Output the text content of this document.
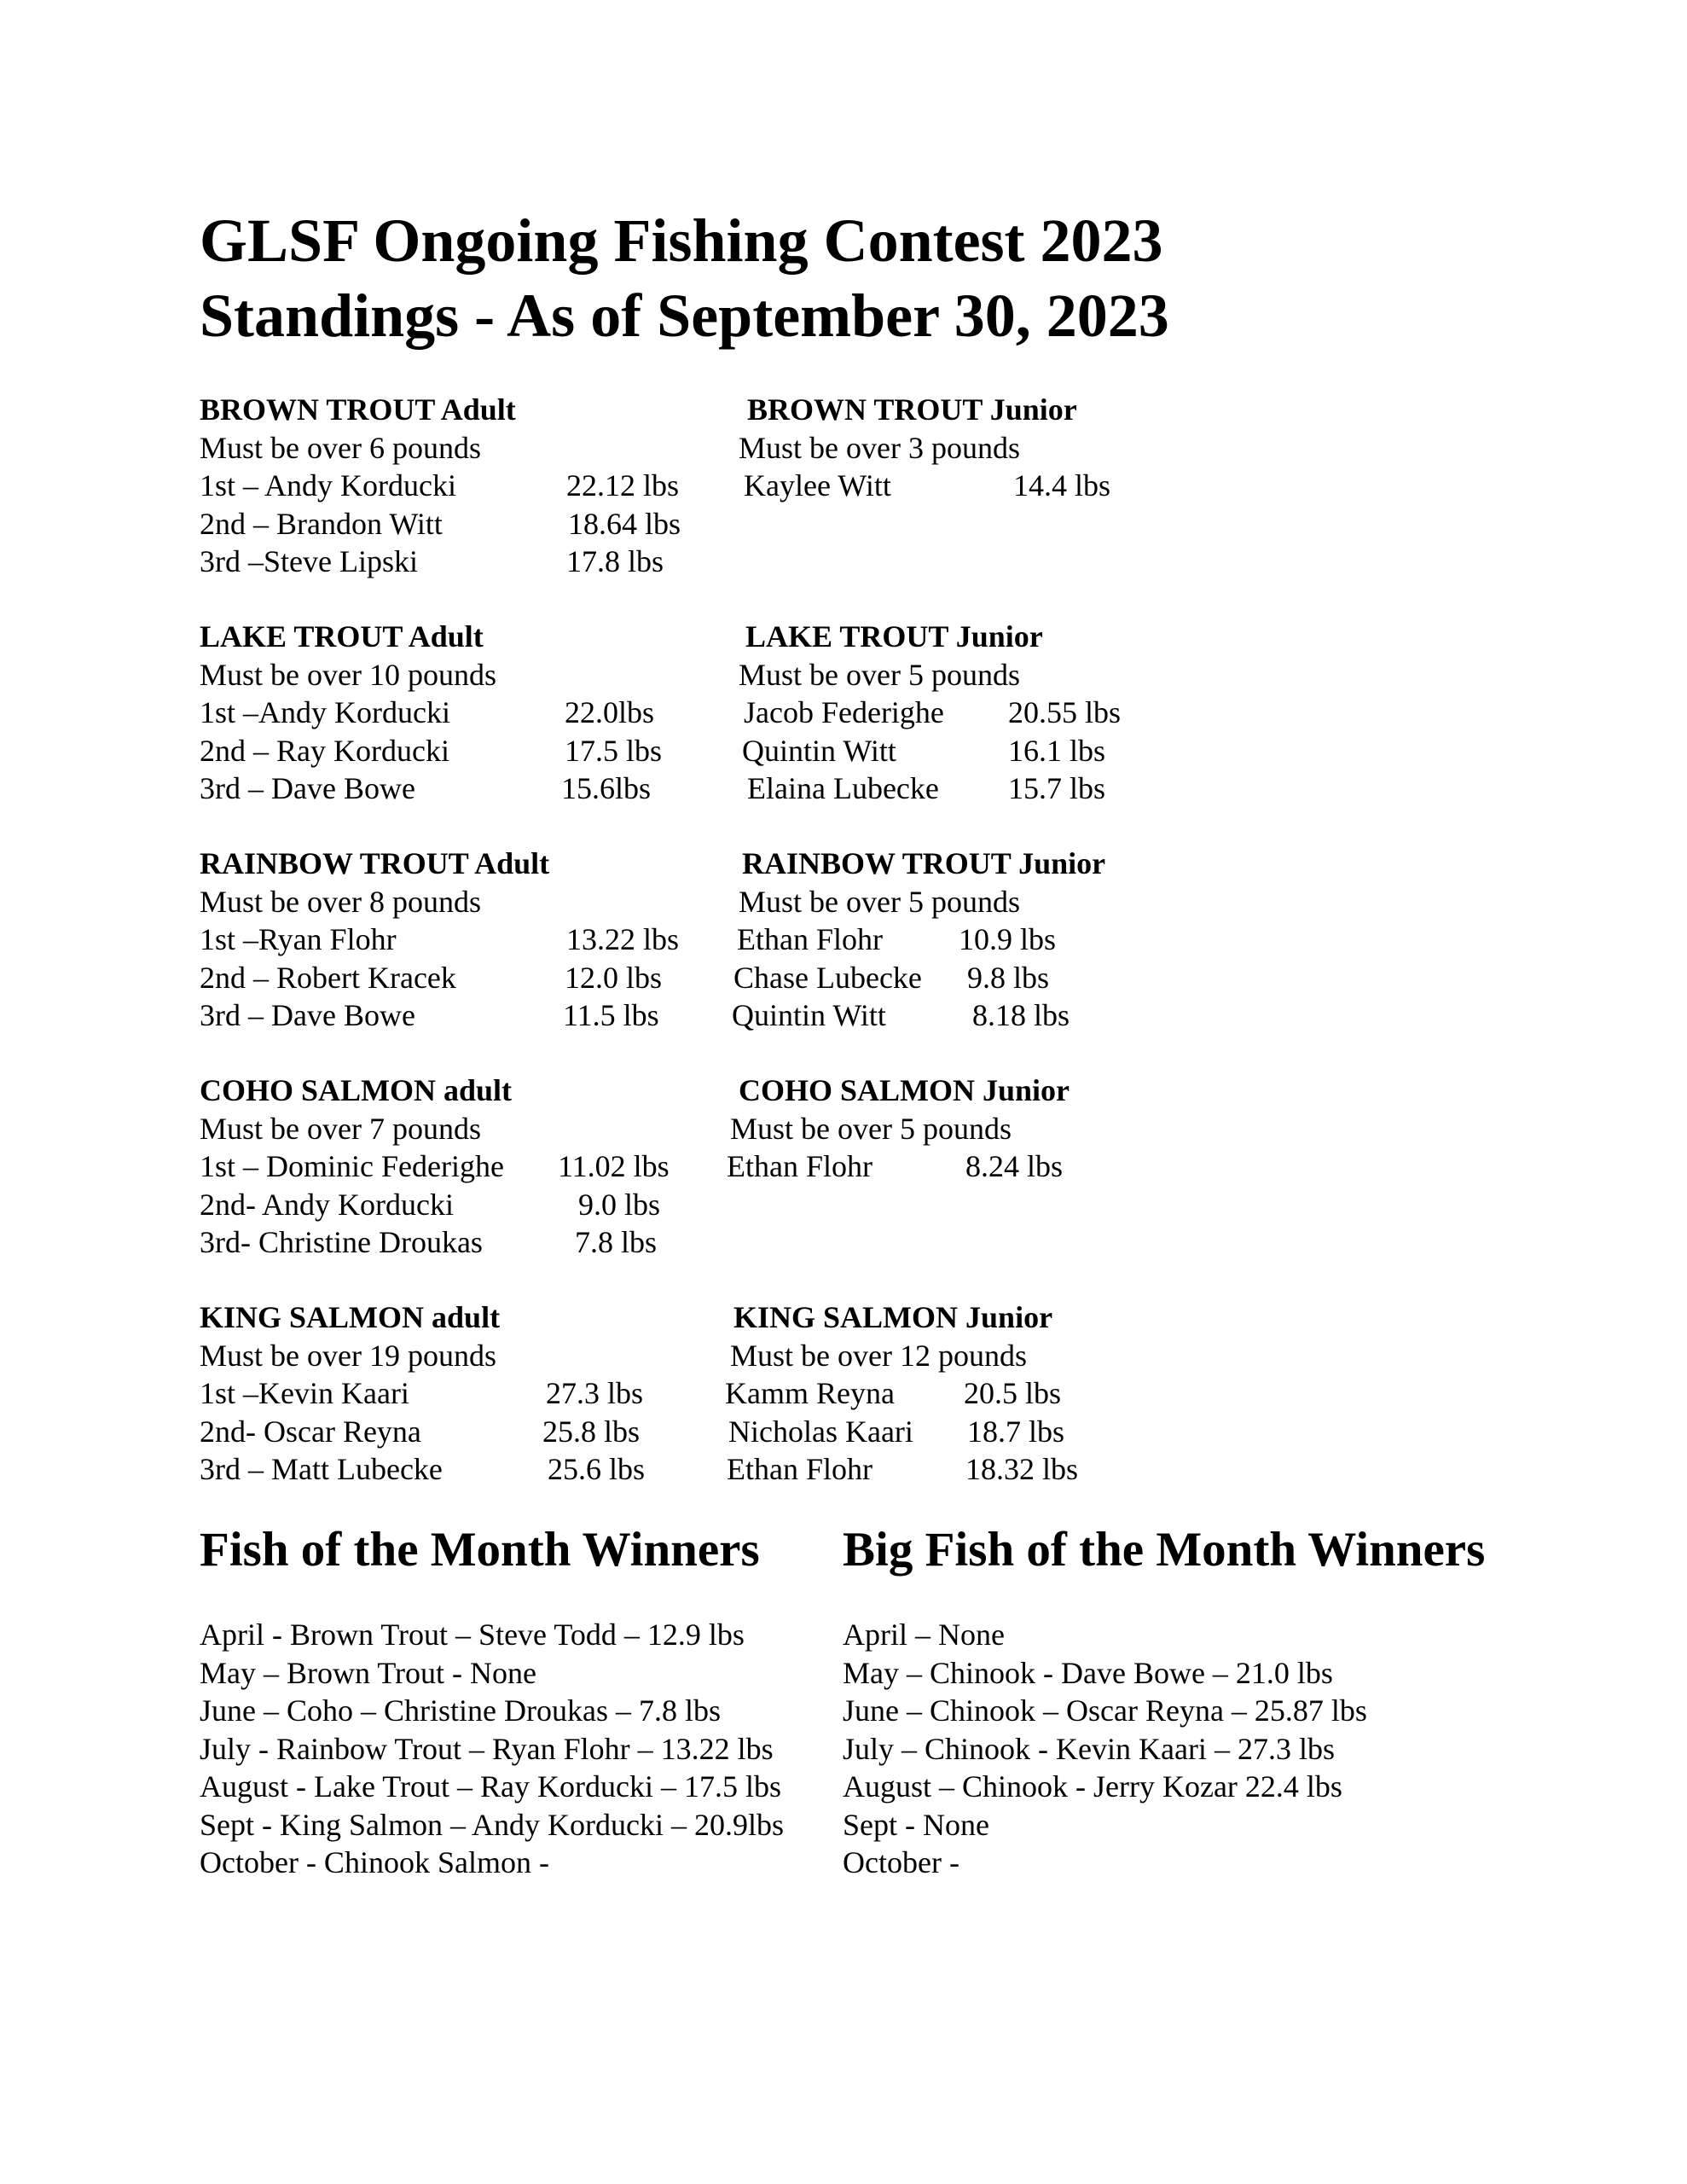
GLSF Ongoing Fishing Contest 2023
Standings - As of September 30, 2023
BROWN TROUT Adult
Must be over 6 pounds
1st – Andy Korducki	22.12 lbs
2nd – Brandon Witt	18.64 lbs
3rd –Steve Lipski	17.8 lbs
BROWN TROUT Junior
Must be over 3 pounds
Kaylee Witt	14.4 lbs
LAKE TROUT Adult
Must be over 10 pounds
1st –Andy Korducki	22.0lbs
2nd – Ray Korducki	17.5 lbs
3rd – Dave Bowe	15.6lbs
LAKE TROUT Junior
Must be over 5 pounds
Jacob Federighe 20.55 lbs
Quintin Witt	16.1 lbs
Elaina Lubecke 15.7 lbs
RAINBOW TROUT Adult
Must be over 8 pounds
1st –Ryan Flohr	13.22 lbs
2nd – Robert Kracek	12.0 lbs
3rd – Dave Bowe	11.5 lbs
RAINBOW TROUT Junior
Must be over 5 pounds
Ethan Flohr 10.9 lbs
Chase Lubecke 9.8 lbs
Quintin Witt	8.18 lbs
COHO SALMON adult
Must be over 7 pounds
1st – Dominic Federighe 11.02 lbs
2nd- Andy Korducki	9.0 lbs
3rd- Christine Droukas	7.8 lbs
COHO SALMON Junior
Must be over 5 pounds
Ethan Flohr	8.24 lbs
KING SALMON adult
Must be over 19 pounds
1st –Kevin Kaari	27.3 lbs
2nd- Oscar Reyna	25.8 lbs
3rd – Matt Lubecke	25.6 lbs
KING SALMON Junior
Must be over 12 pounds
Kamm Reyna 20.5 lbs
Nicholas Kaari 18.7 lbs
Ethan Flohr	18.32 lbs
Fish of the Month Winners Big Fish of the Month Winners
April - Brown Trout – Steve Todd – 12.9 lbs
May – Brown Trout - None
June – Coho – Christine Droukas – 7.8 lbs
July - Rainbow Trout – Ryan Flohr – 13.22 lbs
August - Lake Trout – Ray Korducki – 17.5 lbs
Sept - King Salmon – Andy Korducki – 20.9lbs
October - Chinook Salmon -
April – None
May – Chinook - Dave Bowe – 21.0 lbs
June – Chinook – Oscar Reyna – 25.87 lbs
July – Chinook - Kevin Kaari – 27.3 lbs
August – Chinook - Jerry Kozar 22.4 lbs
Sept - None
October -
